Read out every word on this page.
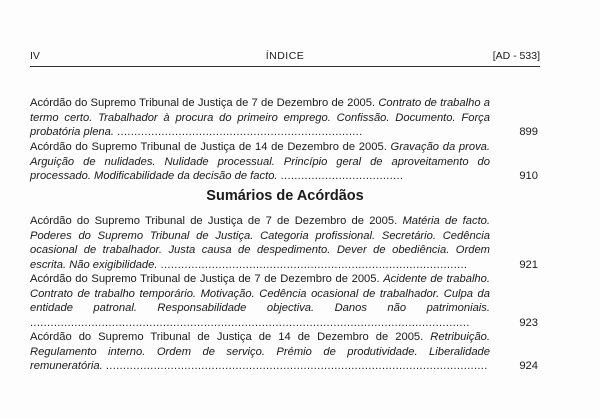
IV	ÍNDICE	[AD - 533]
Acórdão do Supremo Tribunal de Justiça de 7 de Dezembro de 2005. Contrato de trabalho a termo certo. Trabalhador à procura do primeiro emprego. Confissão. Documento. Força probatória plena. ........................................................................	899
Acórdão do Supremo Tribunal de Justiça de 14 de Dezembro de 2005. Gravação da prova. Arguição de nulidades. Nulidade processual. Princípio geral de aproveitamento do processado. Modificabilidade da decisão de facto. ....................................	910
Sumários de Acórdãos
Acórdão do Supremo Tribunal de Justiça de 7 de Dezembro de 2005. Matéria de facto. Poderes do Supremo Tribunal de Justiça. Categoria profissional. Secretário. Cedência ocasional de trabalhador. Justa causa de despedimento. Dever de obediência. Ordem escrita. Não exigibilidade. ..........................................................................................	921
Acórdão do Supremo Tribunal de Justiça de 7 de Dezembro de 2005. Acidente de trabalho. Contrato de trabalho temporário. Motivação. Cedência ocasional de trabalhador. Culpa da entidade patronal. Responsabilidade objectiva. Danos não patrimoniais. .................................................................................................................................	923
Acórdão do Supremo Tribunal de Justiça de 14 de Dezembro de 2005. Retribuição. Regulamento interno. Ordem de serviço. Prémio de produtividade. Liberalidade remuneratória. ................................................................................................................	924
